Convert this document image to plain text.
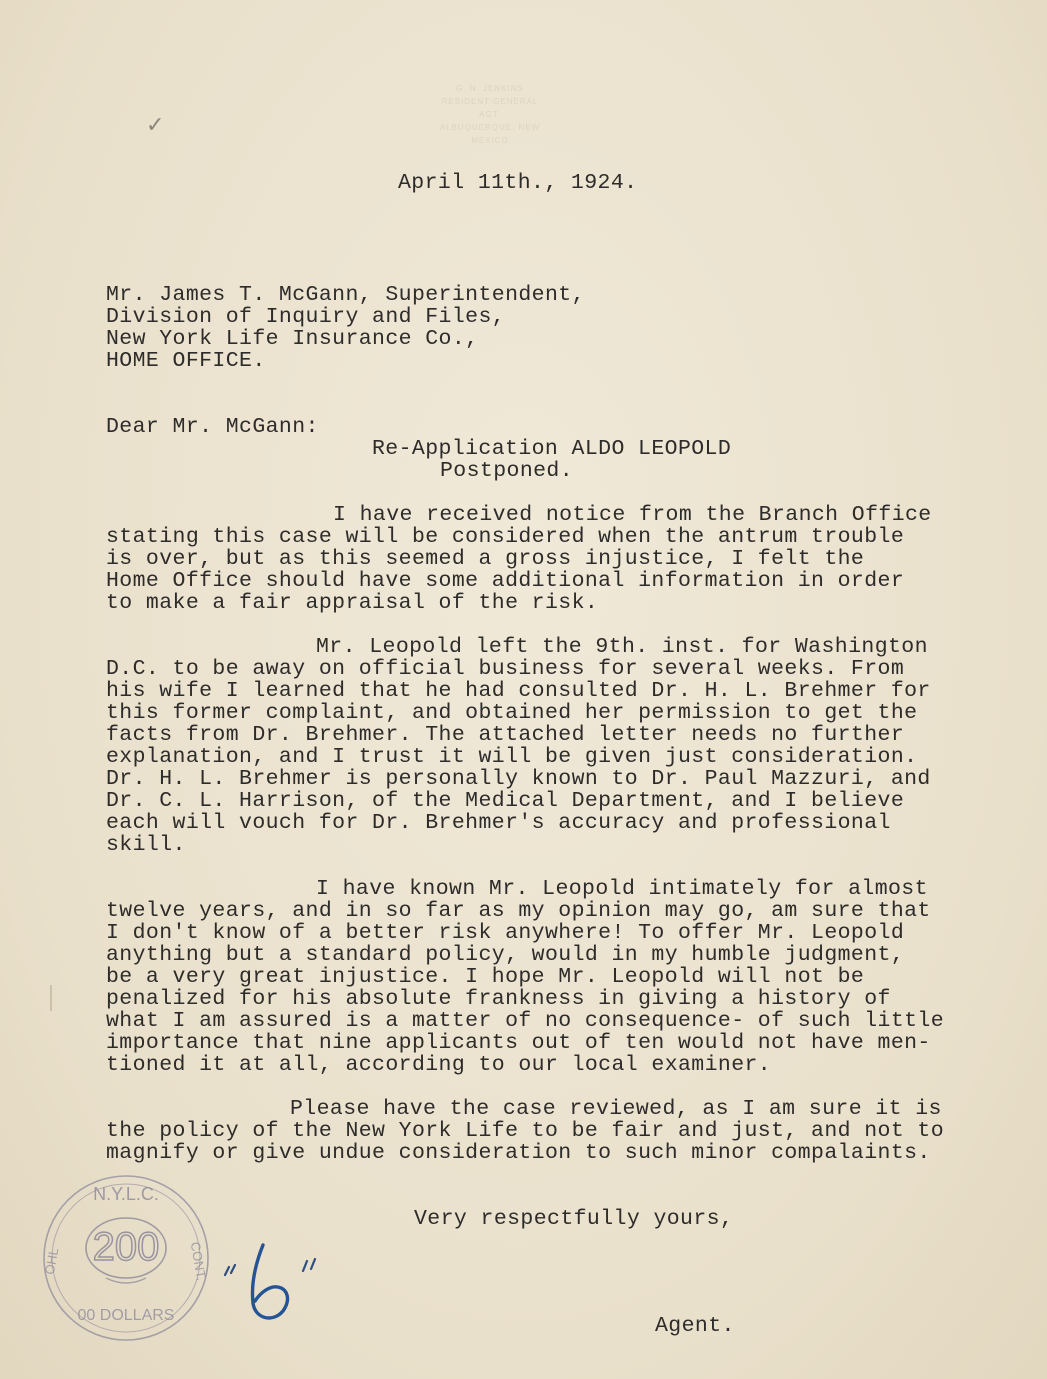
G. N. JENKINS
RESIDENT GENERAL AGT.
ALBUQUERQUE, NEW MEXICO
✓
April 11th., 1924.
Mr. James T. McGann, Superintendent,
Division of Inquiry and Files,
New York Life Insurance Co.,
HOME OFFICE.
Dear Mr. McGann:
Re-Application ALDO LEOPOLD
Postponed.
I have received notice from the Branch Office
stating this case will be considered when the antrum trouble
is over, but as this seemed a gross injustice, I felt the
Home Office should have some additional information in order
to make a fair appraisal of the risk.
Mr. Leopold left the 9th. inst. for Washington
D.C. to be away on official business for several weeks. From
his wife I learned that he had consulted Dr. H. L. Brehmer for
this former complaint, and obtained her permission to get the
facts from Dr. Brehmer. The attached letter needs no further
explanation, and I trust it will be given just consideration.
Dr. H. L. Brehmer is personally known to Dr. Paul Mazzuri, and
Dr. C. L. Harrison, of the Medical Department, and I believe
each will vouch for Dr. Brehmer's accuracy and professional
skill.
I have known Mr. Leopold intimately for almost
twelve years, and in so far as my opinion may go, am sure that
I don't know of a better risk anywhere! To offer Mr. Leopold
anything but a standard policy, would in my humble judgment,
be a very great injustice. I hope Mr. Leopold will not be
penalized for his absolute frankness in giving a history of
what I am assured is a matter of no consequence- of such little
importance that nine applicants out of ten would not have men-
tioned it at all, according to our local examiner.
Please have the case reviewed, as I am sure it is
the policy of the New York Life to be fair and just, and not to
magnify or give undue consideration to such minor compalaints.
Very respectfully yours,
Agent.
N.Y.L.C.
OHL	CONT.
200
00 DOLLARS
